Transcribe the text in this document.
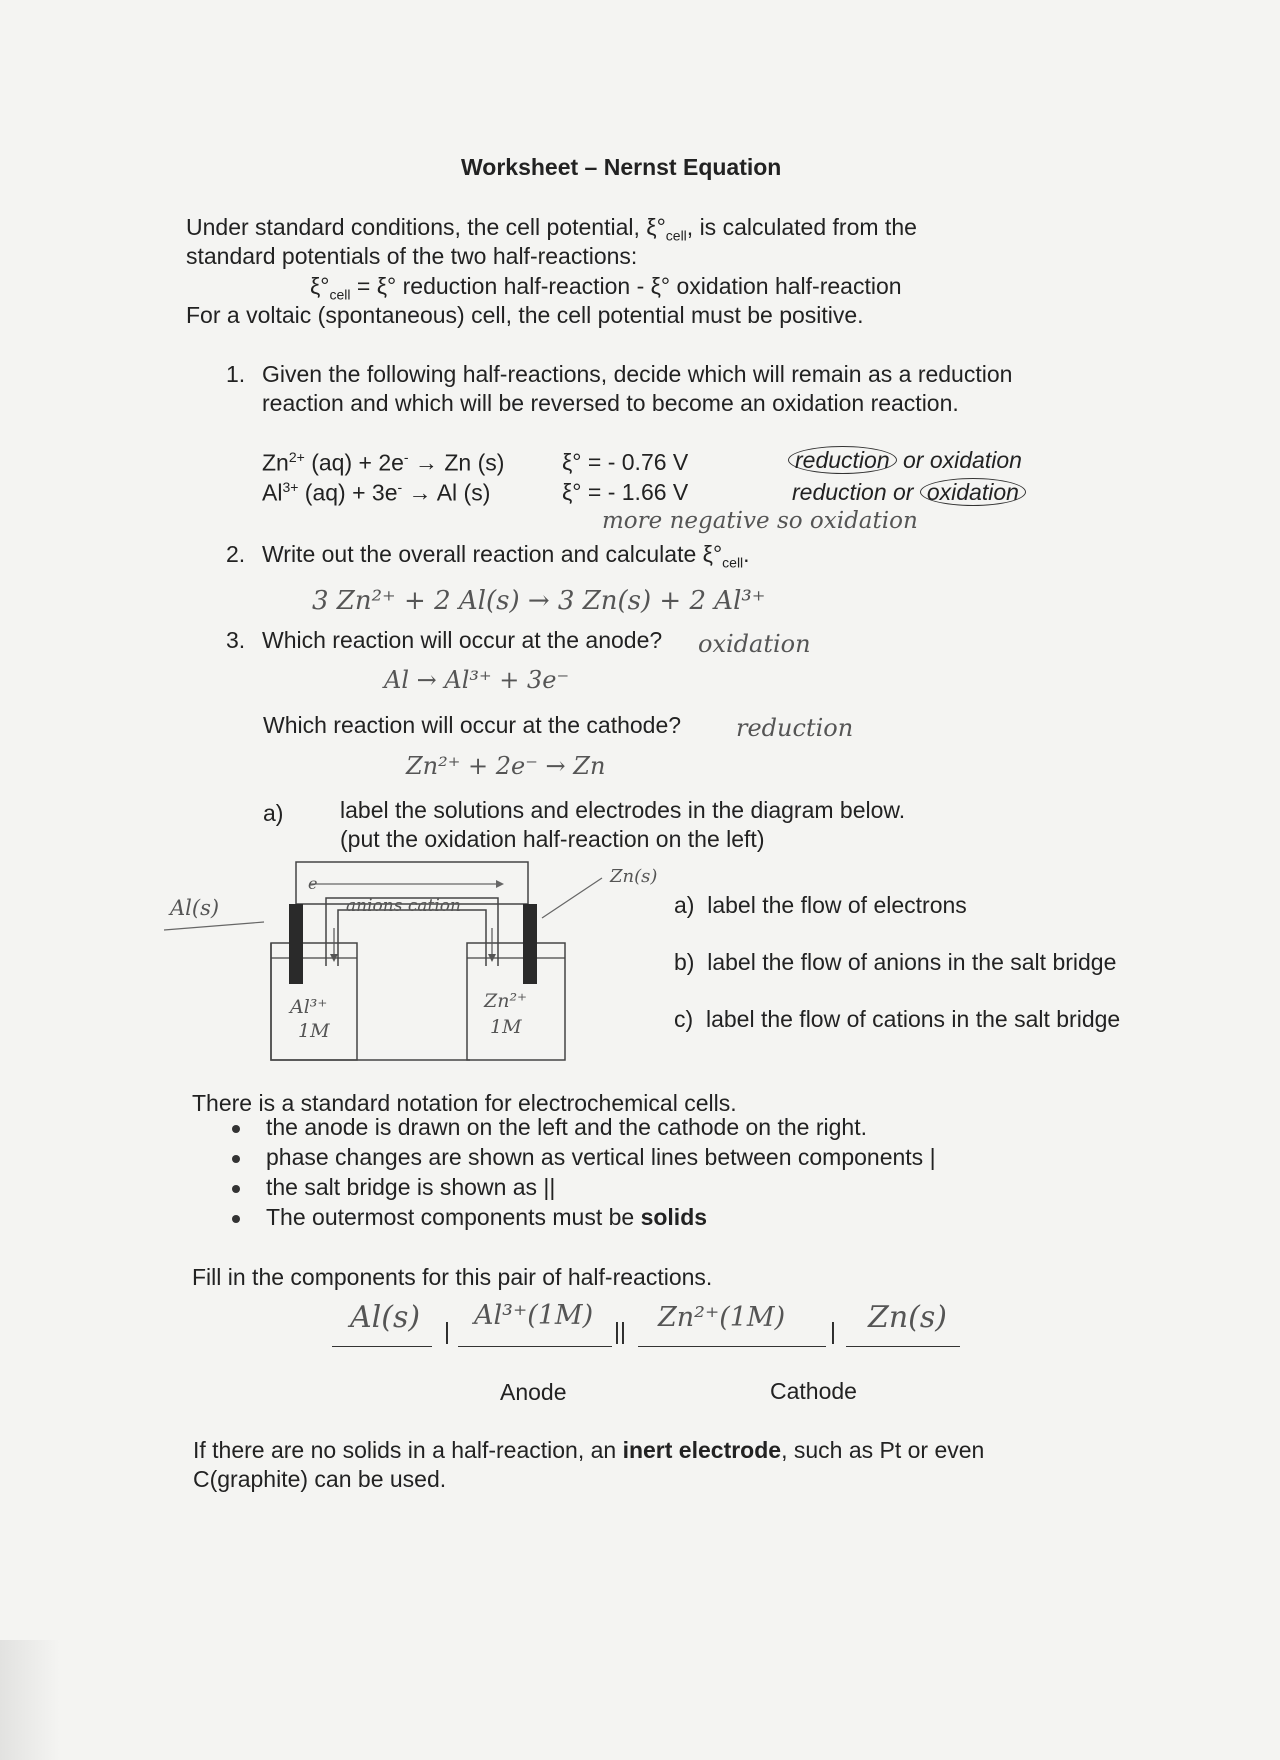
Worksheet – Nernst Equation
Under standard conditions, the cell potential, $\xi^\circ_{cell}$, is calculated from the
standard potentials of the two half-reactions:
$\xi^\circ_{cell} = \xi^\circ$ reduction half-reaction - ξ° oxidation half-reaction
For a voltaic (spontaneous) cell, the cell potential must be positive.
1. Given the following half-reactions, decide which will remain as a reduction
reaction and which will be reversed to become an oxidation reaction.
$Zn^{2+}$ (aq) + 2e- → Zn (s)	ξ° = - 0.76 V	reduction or oxidation
$Al^{3+}$ (aq) + 3e- → Al (s)	ξ° = - 1.66 V	reduction or oxidation
more negative so oxidation
2. Write out the overall reaction and calculate $\xi^\circ_{cell}$.
3 Zn²⁺ + 2 Al(s) → 3 Zn(s) + 2 Al³⁺
3. Which reaction will occur at the anode? oxidation
Al → Al³⁺ + 3e⁻
Which reaction will occur at the cathode? reduction
Zn²⁺ + 2e⁻ → Zn
a) label the solutions and electrodes in the diagram below.
(put the oxidation half-reaction on the left)
Al(s)
Zn(s)
anions cation
e
Al³⁺
1M
Zn²⁺
1M
a) label the flow of electrons
b) label the flow of anions in the salt bridge
c) label the flow of cations in the salt bridge
There is a standard notation for electrochemical cells.
the anode is drawn on the left and the cathode on the right.
phase changes are shown as vertical lines between components |
the salt bridge is shown as ||
The outermost components must be solids
Fill in the components for this pair of half-reactions.
Al(s) | Al³⁺(1M) || Zn²⁺(1M) | Zn(s)
Anode	Cathode
If there are no solids in a half-reaction, an inert electrode, such as Pt or even
C(graphite) can be used.
